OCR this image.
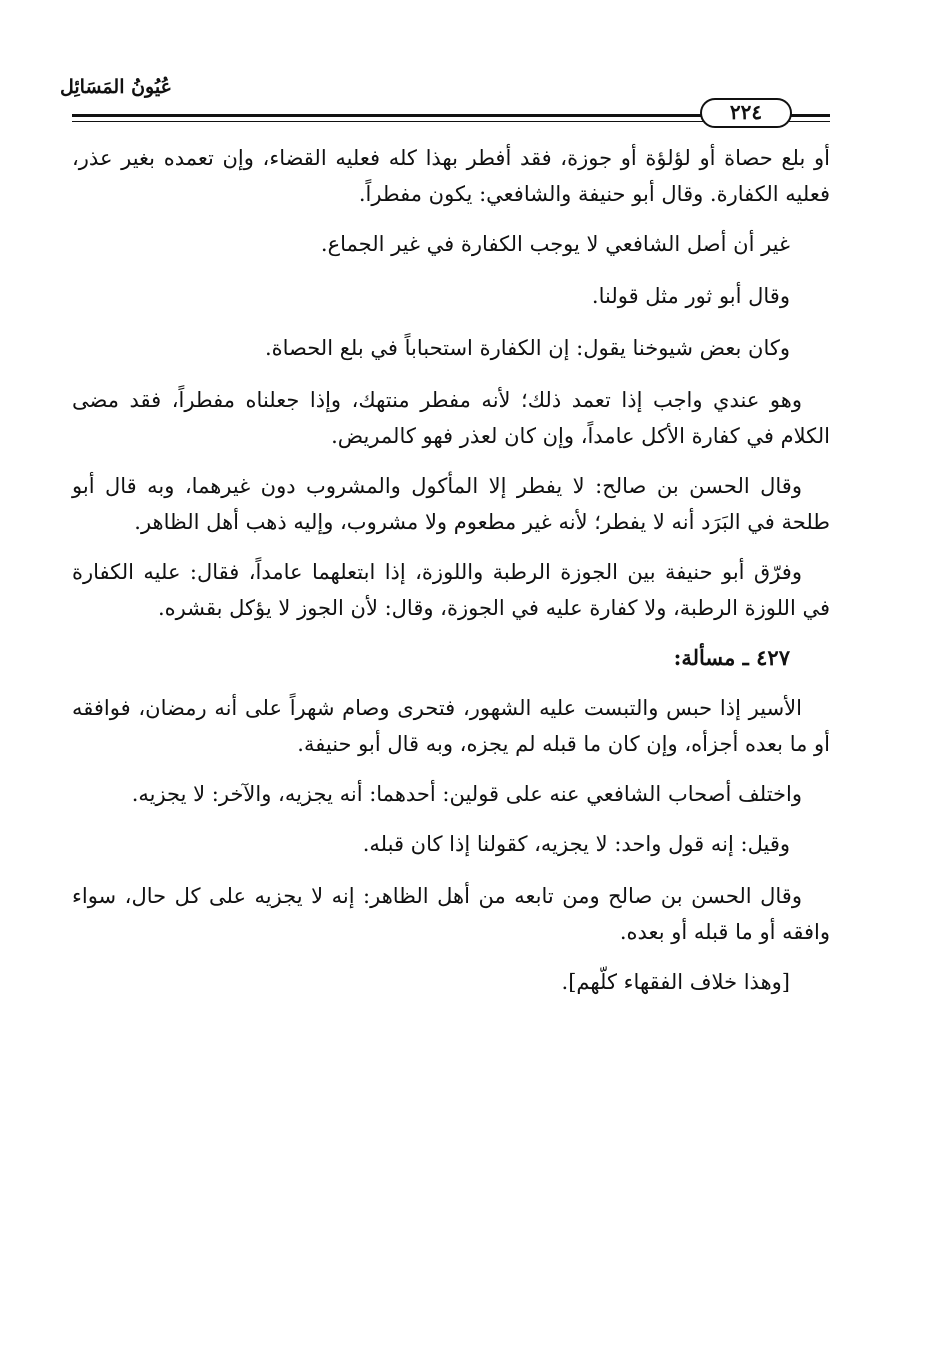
عُيُونُ المَسَائِل
٢٢٤

أو بلع حصاة أو لؤلؤة أو جوزة، فقد أفطر بهذا كله فعليه القضاء، وإن تعمده بغير عذر، فعليه الكفارة. وقال أبو حنيفة والشافعي: يكون مفطراً.

غير أن أصل الشافعي لا يوجب الكفارة في غير الجماع.

وقال أبو ثور مثل قولنا.

وكان بعض شيوخنا يقول: إن الكفارة استحباباً في بلع الحصاة.

وهو عندي واجب إذا تعمد ذلك؛ لأنه مفطر منتهك، وإذا جعلناه مفطراً، فقد مضى الكلام في كفارة الأكل عامداً، وإن كان لعذر فهو كالمريض.

وقال الحسن بن صالح: لا يفطر إلا المأكول والمشروب دون غيرهما، وبه قال أبو طلحة في البَرَد أنه لا يفطر؛ لأنه غير مطعوم ولا مشروب، وإليه ذهب أهل الظاهر.

وفرّق أبو حنيفة بين الجوزة الرطبة واللوزة، إذا ابتعلهما عامداً، فقال: عليه الكفارة في اللوزة الرطبة، ولا كفارة عليه في الجوزة، وقال: لأن الجوز لا يؤكل بقشره.

٤٢٧ ـ مسألة:

الأسير إذا حبس والتبست عليه الشهور، فتحرى وصام شهراً على أنه رمضان، فوافقه أو ما بعده أجزأه، وإن كان ما قبله لم يجزه، وبه قال أبو حنيفة.

واختلف أصحاب الشافعي عنه على قولين: أحدهما: أنه يجزيه، والآخر: لا يجزيه.

وقيل: إنه قول واحد: لا يجزيه، كقولنا إذا كان قبله.

وقال الحسن بن صالح ومن تابعه من أهل الظاهر: إنه لا يجزيه على كل حال، سواء وافقه أو ما قبله أو بعده.

[وهذا خلاف الفقهاء كلّهم].
